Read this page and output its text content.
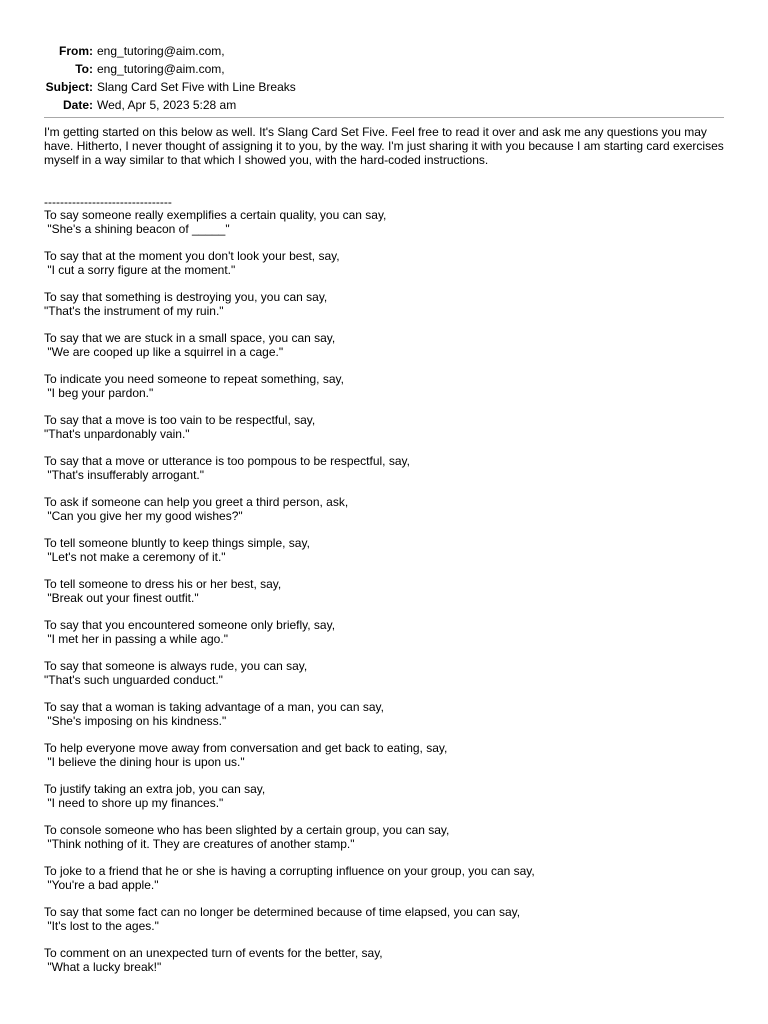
From: eng_tutoring@aim.com,
To: eng_tutoring@aim.com,
Subject: Slang Card Set Five with Line Breaks
Date: Wed, Apr 5, 2023 5:28 am

I'm getting started on this below as well. It's Slang Card Set Five. Feel free to read it over and ask me any questions you may have. Hitherto, I never thought of assigning it to you, by the way. I'm just sharing it with you because I am starting card exercises myself in a way similar to that which I showed you, with the hard-coded instructions.

--------------------------------
To say someone really exemplifies a certain quality, you can say,
"She's a shining beacon of _____"
To say that at the moment you don't look your best, say,
"I cut a sorry figure at the moment."
To say that something is destroying you, you can say,
"That's the instrument of my ruin."
To say that we are stuck in a small space, you can say,
"We are cooped up like a squirrel in a cage."
To indicate you need someone to repeat something, say,
"I beg your pardon."
To say that a move is too vain to be respectful, say,
"That's unpardonably vain."
To say that a move or utterance is too pompous to be respectful, say,
"That's insufferably arrogant."
To ask if someone can help you greet a third person, ask,
"Can you give her my good wishes?"
To tell someone bluntly to keep things simple, say,
"Let's not make a ceremony of it."
To tell someone to dress his or her best, say,
"Break out your finest outfit."
To say that you encountered someone only briefly, say,
"I met her in passing a while ago."
To say that someone is always rude, you can say,
"That's such unguarded conduct."
To say that a woman is taking advantage of a man, you can say,
"She's imposing on his kindness."
To help everyone move away from conversation and get back to eating, say,
"I believe the dining hour is upon us."
To justify taking an extra job, you can say,
"I need to shore up my finances."
To console someone who has been slighted by a certain group, you can say,
"Think nothing of it. They are creatures of another stamp."
To joke to a friend that he or she is having a corrupting influence on your group, you can say,
"You're a bad apple."
To say that some fact can no longer be determined because of time elapsed, you can say,
"It's lost to the ages."
To comment on an unexpected turn of events for the better, say,
"What a lucky break!"
